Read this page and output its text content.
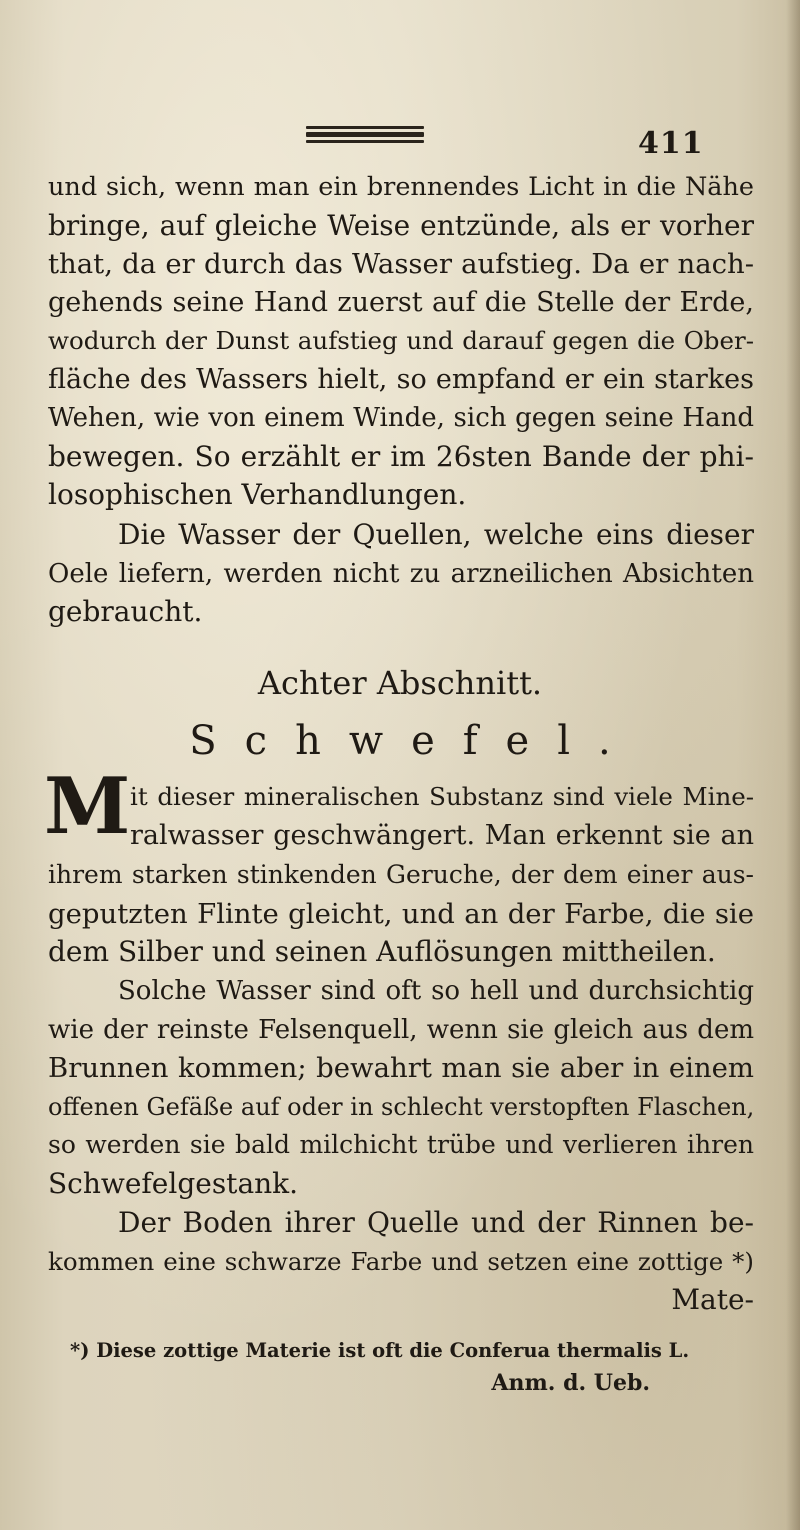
411
und sich, wenn man ein brennendes Licht in die Nähe
bringe, auf gleiche Weise entzünde, als er vorher
that, da er durch das Wasser aufstieg. Da er nach-
gehends seine Hand zuerst auf die Stelle der Erde,
wodurch der Dunst aufstieg und darauf gegen die Ober-
fläche des Wassers hielt, so empfand er ein starkes
Wehen, wie von einem Winde, sich gegen seine Hand
bewegen. So erzählt er im 26sten Bande der phi-
losophischen Verhandlungen.
Die Wasser der Quellen, welche eins dieser
Oele liefern, werden nicht zu arzneilichen Absichten
gebraucht.
Achter Abschnitt.
Schwefel.
M it dieser mineralischen Substanz sind viele Mine-
ralwasser geschwängert. Man erkennt sie an
ihrem starken stinkenden Geruche, der dem einer aus-
geputzten Flinte gleicht, und an der Farbe, die sie
dem Silber und seinen Auflösungen mittheilen.
Solche Wasser sind oft so hell und durchsichtig
wie der reinste Felsenquell, wenn sie gleich aus dem
Brunnen kommen; bewahrt man sie aber in einem
offenen Gefäße auf oder in schlecht verstopften Flaschen,
so werden sie bald milchicht trübe und verlieren ihren
Schwefelgestank.
Der Boden ihrer Quelle und der Rinnen be-
kommen eine schwarze Farbe und setzen eine zottige *)
Mate-
*) Diese zottige Materie ist oft die Conferua thermalis L.
Anm. d. Ueb.
